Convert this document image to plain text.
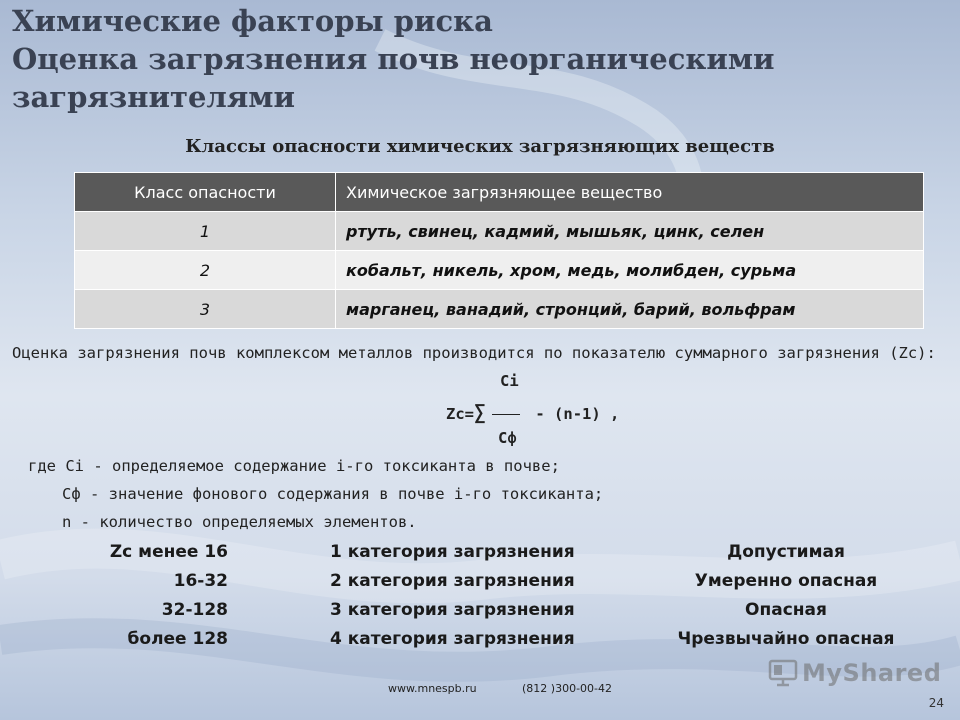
Химические факторы риска
Оценка загрязнения почв неорганическими
загрязнителями
Классы опасности химических загрязняющих веществ
Класс опасности	Химическое загрязняющее вещество
1	ртуть, свинец, кадмий, мышьяк, цинк, селен
2	кобальт, никель, хром, медь, молибден, сурьма
3	марганец, ванадий, стронций, барий, вольфрам

Оценка загрязнения почв комплексом металлов производится по показателю суммарного загрязнения (Zc):

Ci
Zc=∑	- (n-1) ,
Cф
где Ci - определяемое содержание i-го токсиканта в почве;
Cф - значение фонового содержания в почве i-го токсиканта;
n - количество определяемых элементов.
Zc менее 16	1 категория загрязнения	Допустимая
16-32	2 категория загрязнения	Умеренно опасная
32-128	3 категория загрязнения	Опасная
более 128	4 категория загрязнения	Чрезвычайно опасная
www.mnespb.ru	(812 )300-00-42
24
MyShared
